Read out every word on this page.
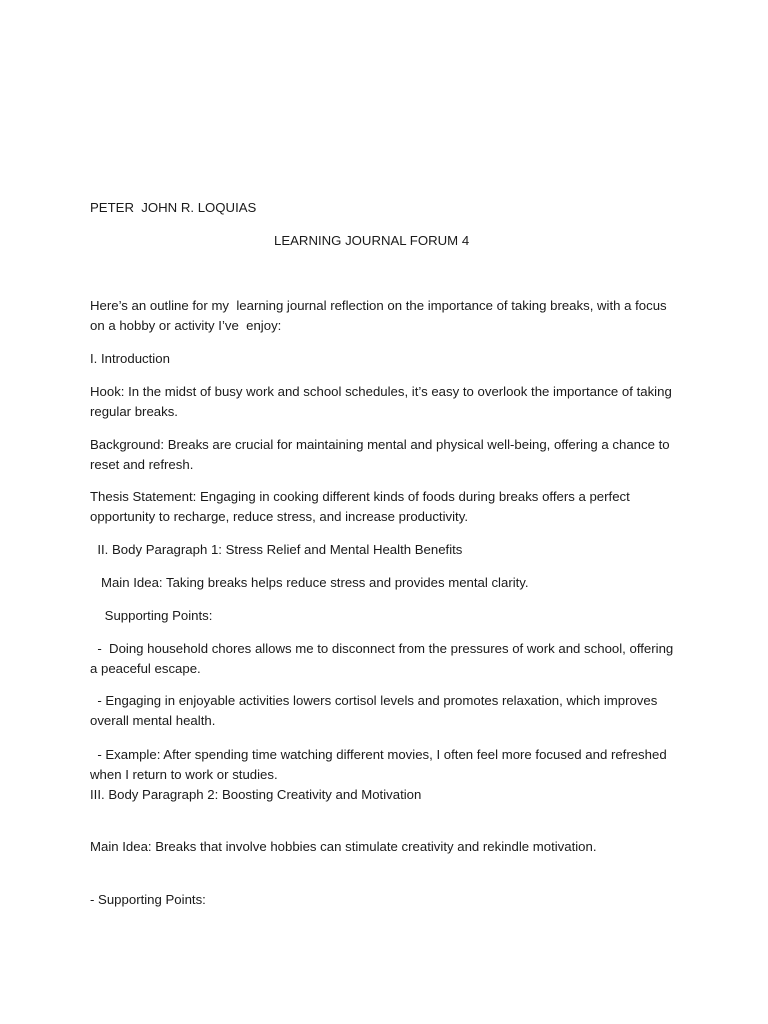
PETER  JOHN R. LOQUIAS

LEARNING JOURNAL FORUM 4

Here’s an outline for my  learning journal reflection on the importance of taking breaks, with a focus on a hobby or activity I’ve  enjoy:

I. Introduction

Hook: In the midst of busy work and school schedules, it’s easy to overlook the importance of taking regular breaks.

Background: Breaks are crucial for maintaining mental and physical well-being, offering a chance to reset and refresh.

Thesis Statement: Engaging in cooking different kinds of foods during breaks offers a perfect opportunity to recharge, reduce stress, and increase productivity.

II. Body Paragraph 1: Stress Relief and Mental Health Benefits

Main Idea: Taking breaks helps reduce stress and provides mental clarity.

Supporting Points:

-  Doing household chores allows me to disconnect from the pressures of work and school, offering a peaceful escape.

- Engaging in enjoyable activities lowers cortisol levels and promotes relaxation, which improves overall mental health.

- Example: After spending time watching different movies, I often feel more focused and refreshed when I return to work or studies.

III. Body Paragraph 2: Boosting Creativity and Motivation

Main Idea: Breaks that involve hobbies can stimulate creativity and rekindle motivation.

- Supporting Points:
